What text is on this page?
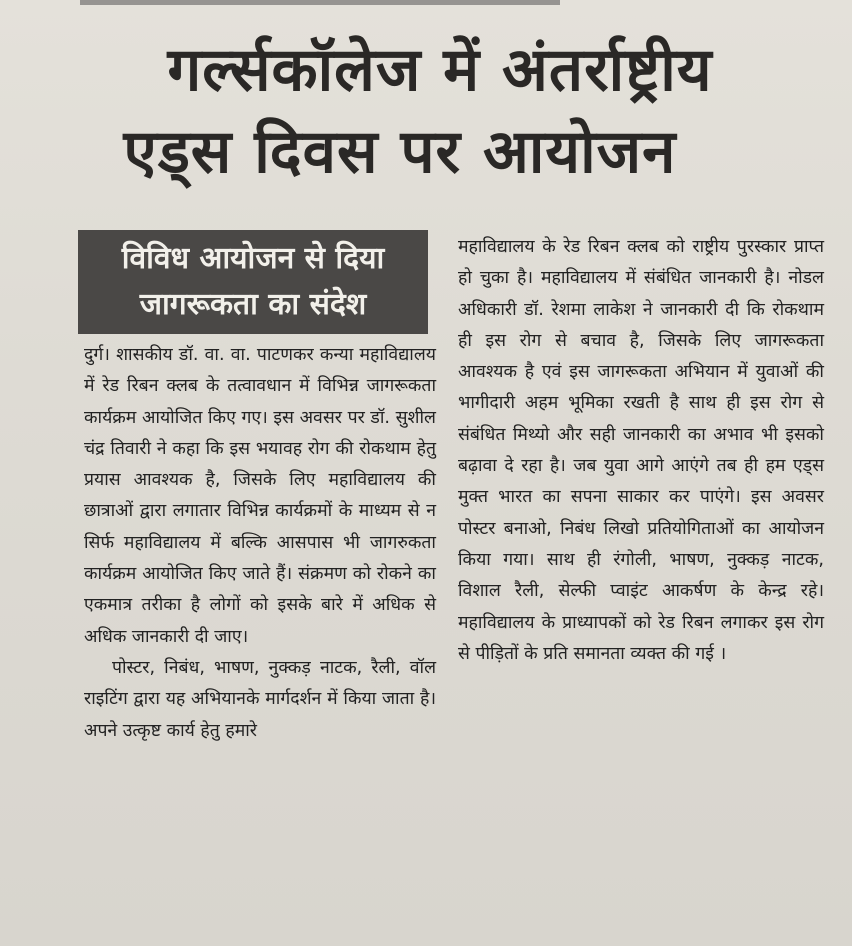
गर्ल्सकॉलेज में अंतर्राष्ट्रीय
एड्स दिवस पर आयोजन
विविध आयोजन से दिया
जागरूकता का संदेश

दुर्ग। शासकीय डॉ. वा. वा. पाटणकर कन्या महाविद्यालय में रेड रिबन क्लब के तत्वावधान में विभिन्न जागरूकता कार्यक्रम आयोजित किए गए। इस अवसर पर डॉ. सुशील चंद्र तिवारी ने कहा कि इस भयावह रोग की रोकथाम हेतु प्रयास आवश्यक है, जिसके लिए महाविद्यालय की छात्राओं द्वारा लगातार विभिन्न कार्यक्रमों के माध्यम से न सिर्फ महाविद्यालय में बल्कि आसपास भी जागरुकता कार्यक्रम आयोजित किए जाते हैं। संक्रमण को रोकने का एकमात्र तरीका है लोगों को इसके बारे में अधिक से अधिक जानकारी दी जाए।

पोस्टर, निबंध, भाषण, नुक्कड़ नाटक, रैली, वॉल राइटिंग द्वारा यह अभियानके मार्गदर्शन में किया जाता है। अपने उत्कृष्ट कार्य हेतु हमारे

महाविद्यालय के रेड रिबन क्लब को राष्ट्रीय पुरस्कार प्राप्त हो चुका है। महाविद्यालय में संबंधित जानकारी है। नोडल अधिकारी डॉ. रेशमा लाकेश ने जानकारी दी कि रोकथाम ही इस रोग से बचाव है, जिसके लिए जागरूकता आवश्यक है एवं इस जागरूकता अभियान में युवाओं की भागीदारी अहम भूमिका रखती है साथ ही इस रोग से संबंधित मिथ्यो और सही जानकारी का अभाव भी इसको बढ़ावा दे रहा है। जब युवा आगे आएंगे तब ही हम एड्स मुक्त भारत का सपना साकार कर पाएंगे। इस अवसर पोस्टर बनाओ, निबंध लिखो प्रतियोगिताओं का आयोजन किया गया। साथ ही रंगोली, भाषण, नुक्कड़ नाटक, विशाल रैली, सेल्फी प्वाइंट आकर्षण के केन्द्र रहे। महाविद्यालय के प्राध्यापकों को रेड रिबन लगाकर इस रोग से पीड़ितों के प्रति समानता व्यक्त की गई ।
